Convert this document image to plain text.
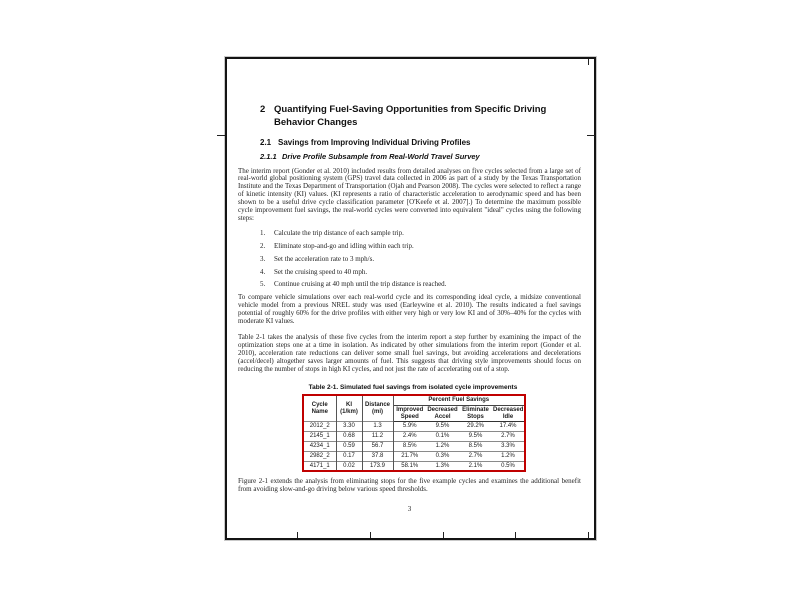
2 Quantifying Fuel-Saving Opportunities from Specific Driving Behavior Changes
2.1 Savings from Improving Individual Driving Profiles
2.1.1 Drive Profile Subsample from Real-World Travel Survey

The interim report (Gonder et al. 2010) included results from detailed analyses on five cycles selected from a large set of real-world global positioning system (GPS) travel data collected in 2006 as part of a study by the Texas Transportation Institute and the Texas Department of Transportation (Ojah and Pearson 2008). The cycles were selected to reflect a range of kinetic intensity (KI) values. (KI represents a ratio of characteristic acceleration to aerodynamic speed and has been shown to be a useful drive cycle classification parameter [O'Keefe et al. 2007].) To determine the maximum possible cycle improvement fuel savings, the real-world cycles were converted into equivalent "ideal" cycles using the following steps:

1.	Calculate the trip distance of each sample trip.
2.	Eliminate stop-and-go and idling within each trip.
3.	Set the acceleration rate to 3 mph/s.
4.	Set the cruising speed to 40 mph.
5.	Continue cruising at 40 mph until the trip distance is reached.

To compare vehicle simulations over each real-world cycle and its corresponding ideal cycle, a midsize conventional vehicle model from a previous NREL study was used (Earleywine et al. 2010). The results indicated a fuel savings potential of roughly 60% for the drive profiles with either very high or very low KI and of 30%–40% for the cycles with moderate KI values.

Table 2-1 takes the analysis of these five cycles from the interim report a step further by examining the impact of the optimization steps one at a time in isolation. As indicated by other simulations from the interim report (Gonder et al. 2010), acceleration rate reductions can deliver some small fuel savings, but avoiding accelerations and decelerations (accel/decel) altogether saves larger amounts of fuel. This suggests that driving style improvements should focus on reducing the number of stops in high KI cycles, and not just the rate of accelerating out of a stop.

Table 2-1. Simulated fuel savings from isolated cycle improvements
Cycle Name	KI (1/km)	Distance (mi)	Percent Fuel Savings			
			Improved Speed	Decreased Accel	Eliminate Stops	Decreased Idle
2012_2	3.30	1.3	5.9%	9.5%	29.2%	17.4%
2145_1	0.68	11.2	2.4%	0.1%	9.5%	2.7%
4234_1	0.59	56.7	8.5%	1.2%	8.5%	3.3%
2982_2	0.17	37.8	21.7%	0.3%	2.7%	1.2%
4171_1	0.02	173.9	58.1%	1.3%	2.1%	0.5%

Figure 2-1 extends the analysis from eliminating stops for the five example cycles and examines the additional benefit from avoiding slow-and-go driving below various speed thresholds.

3
